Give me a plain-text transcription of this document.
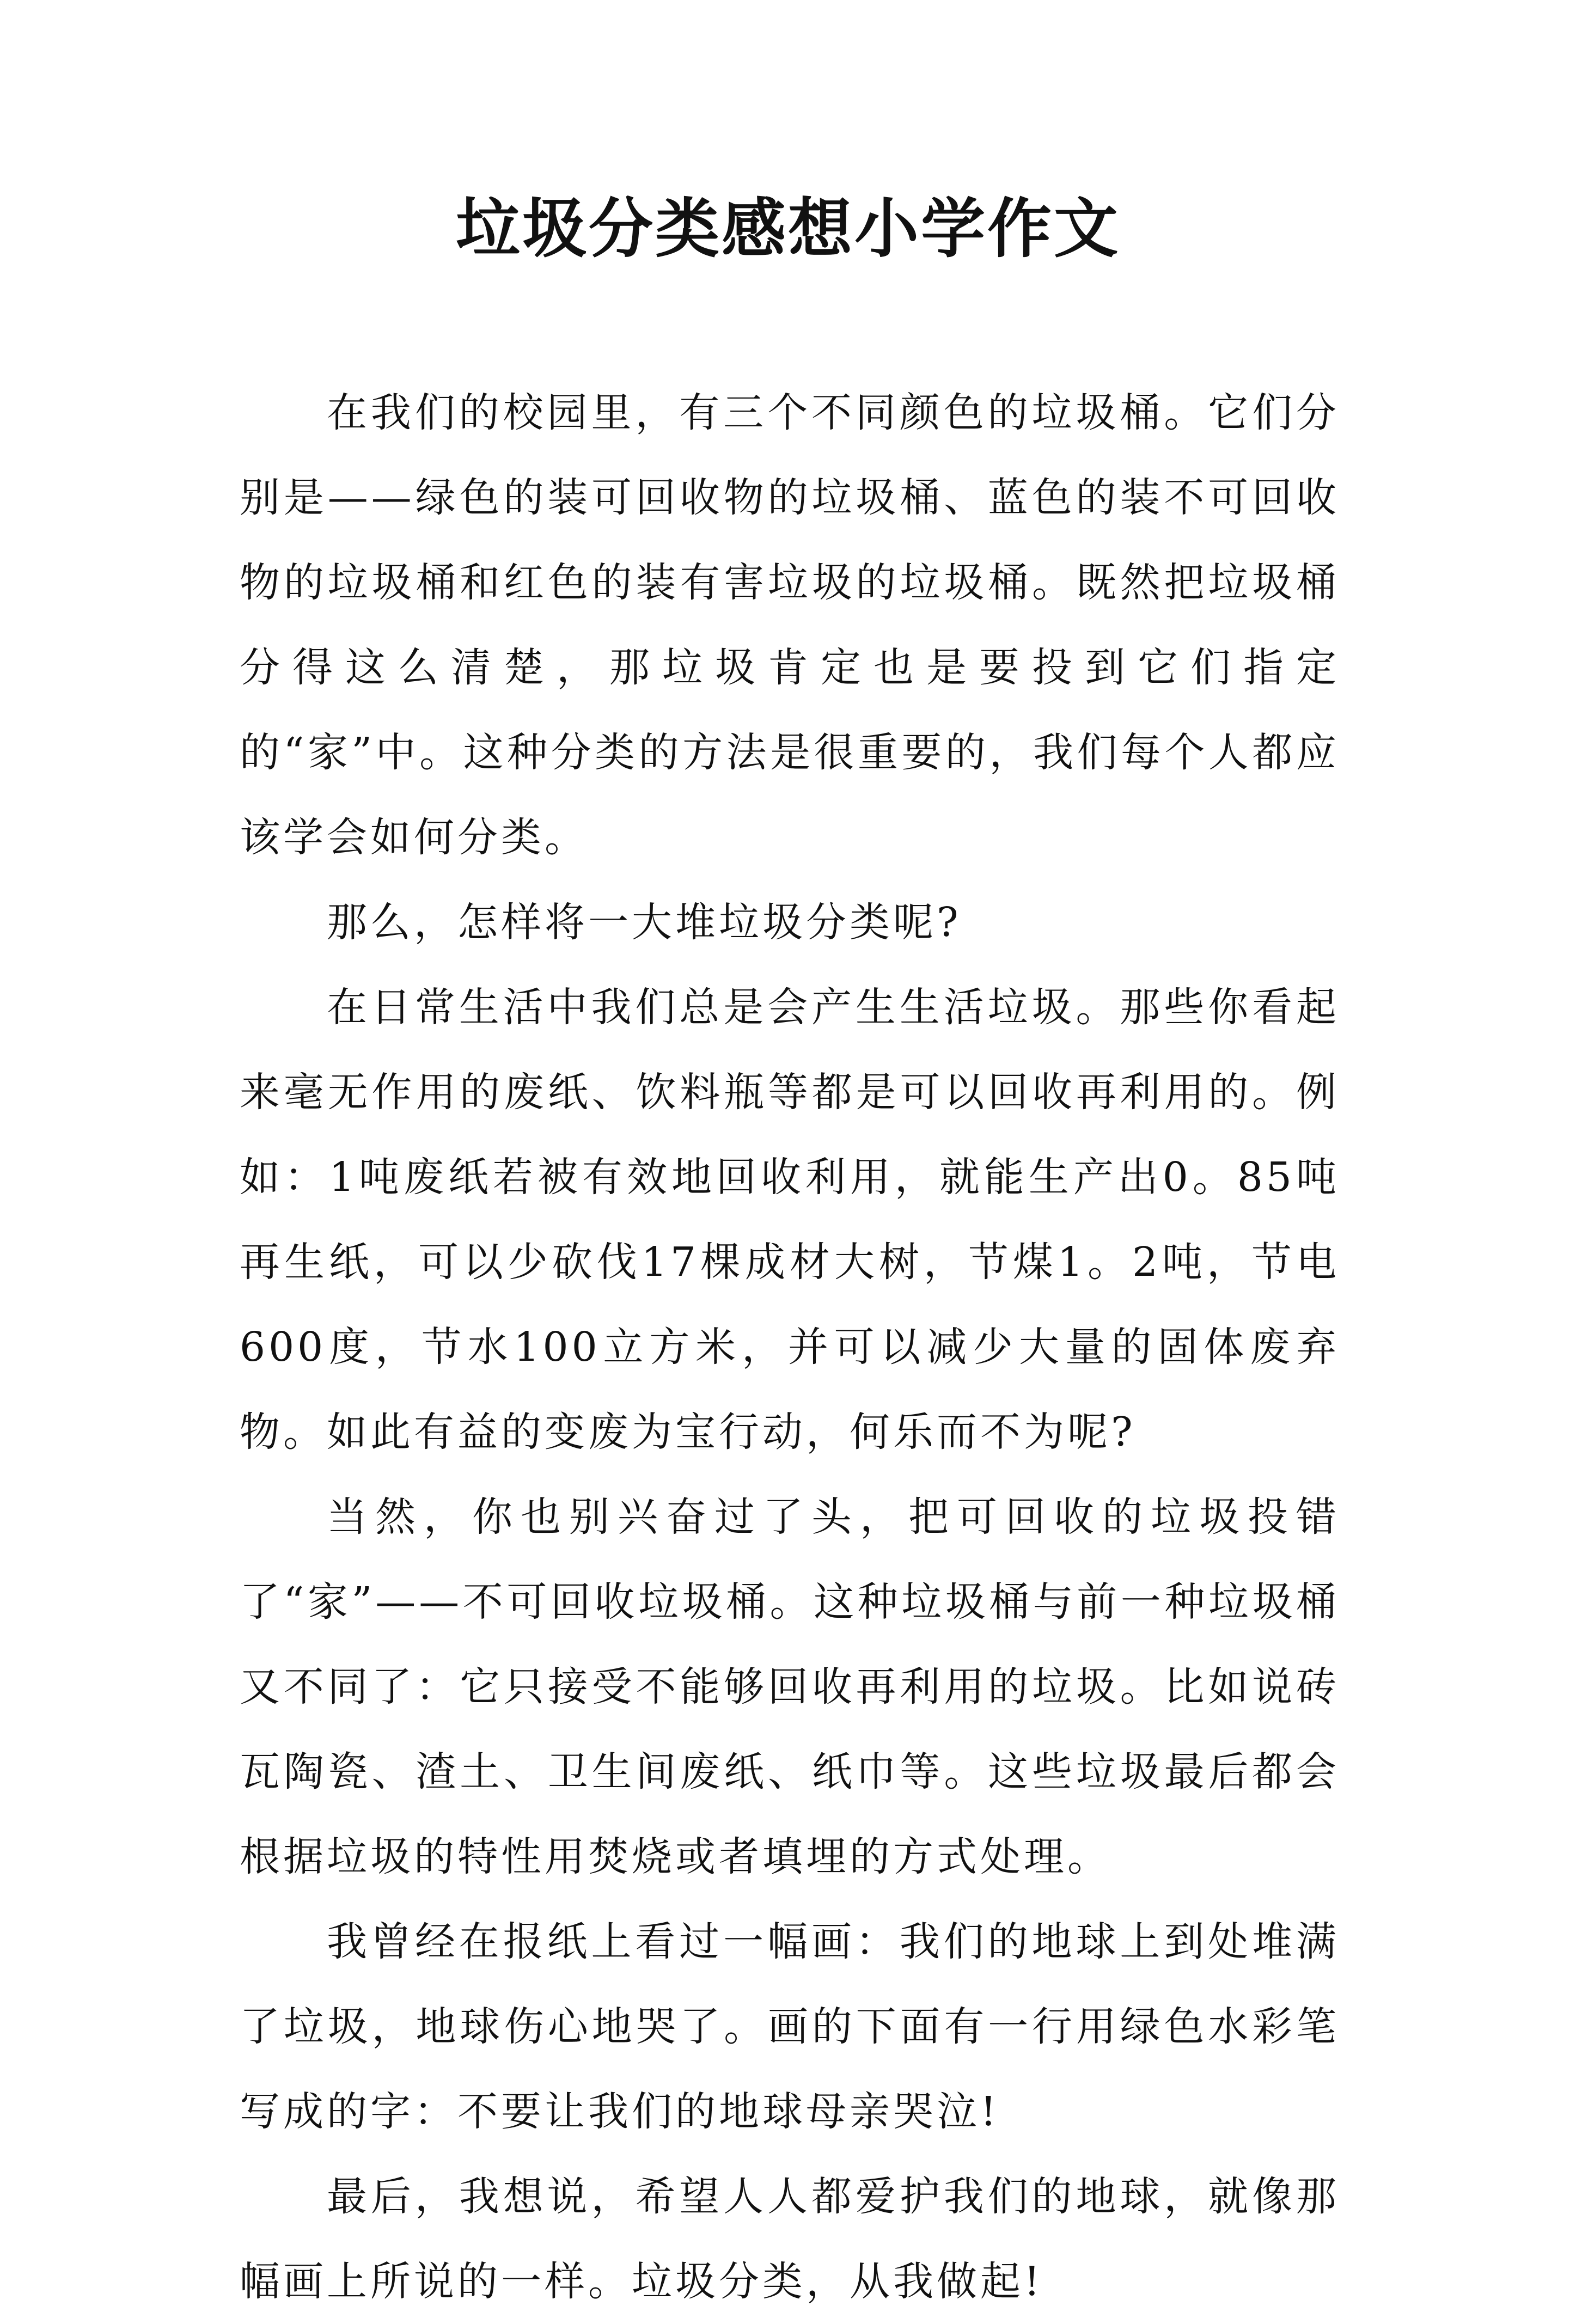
垃圾分类感想小学作文

在我们的校园里，有三个不同颜色的垃圾桶。它们分别是——绿色的装可回收物的垃圾桶、蓝色的装不可回收物的垃圾桶和红色的装有害垃圾的垃圾桶。既然把垃圾桶分得这么清楚，那垃圾肯定也是要投到它们指定的“家”中。这种分类的方法是很重要的，我们每个人都应该学会如何分类。

那么，怎样将一大堆垃圾分类呢?

在日常生活中我们总是会产生生活垃圾。那些你看起来毫无作用的废纸、饮料瓶等都是可以回收再利用的。例如：1吨废纸若被有效地回收利用，就能生产出0。85吨再生纸，可以少砍伐17棵成材大树，节煤1。2吨，节电600度，节水100立方米，并可以减少大量的固体废弃物。如此有益的变废为宝行动，何乐而不为呢?

当然，你也别兴奋过了头，把可回收的垃圾投错了“家”——不可回收垃圾桶。这种垃圾桶与前一种垃圾桶又不同了：它只接受不能够回收再利用的垃圾。比如说砖瓦陶瓷、渣土、卫生间废纸、纸巾等。这些垃圾最后都会根据垃圾的特性用焚烧或者填埋的方式处理。

我曾经在报纸上看过一幅画：我们的地球上到处堆满了垃圾，地球伤心地哭了。画的下面有一行用绿色水彩笔写成的字：不要让我们的地球母亲哭泣!

最后，我想说，希望人人都爱护我们的地球，就像那幅画上所说的一样。垃圾分类，从我做起!
